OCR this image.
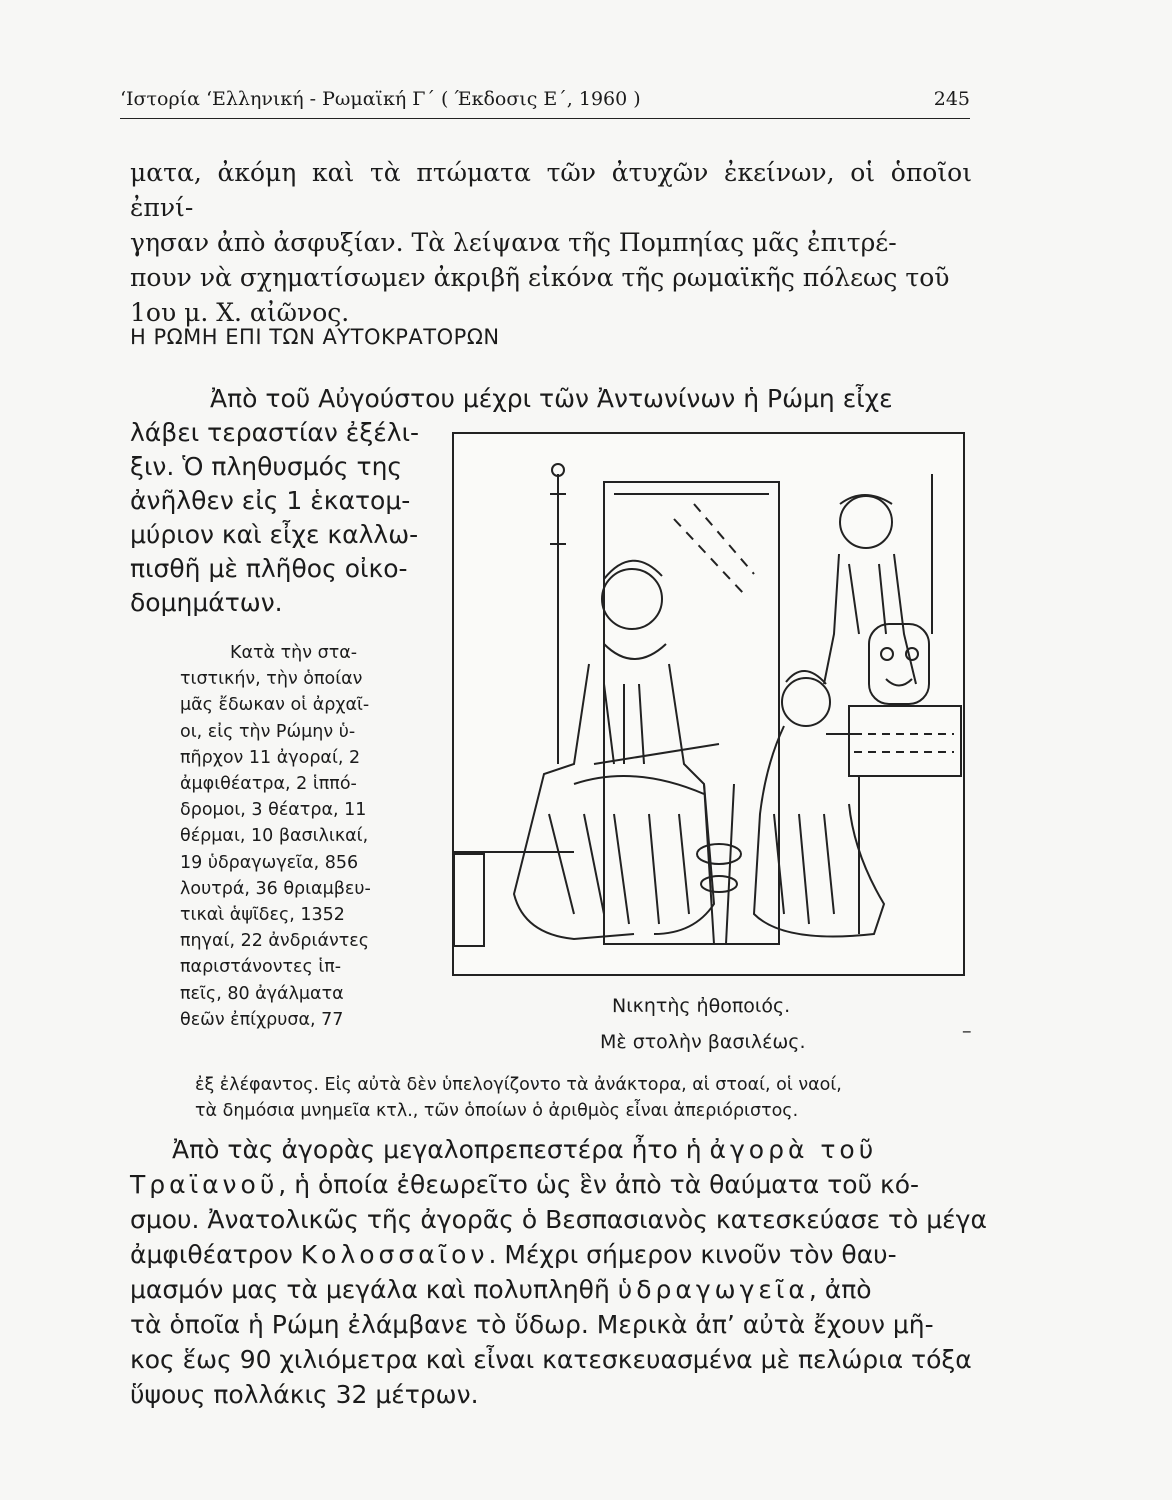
‘Ιστορία ‘Ελληνική - Ρωμαϊκή Γ΄ ( Έκδοσις Ε΄, 1960 )	245
ματα, ἀκόμη καὶ τὰ πτώματα τῶν ἀτυχῶν ἐκείνων, οἱ ὁποῖοι ἐπνί-
γησαν ἀπὸ ἀσφυξίαν. Τὰ λείψανα τῆς Πομπηίας μᾶς ἐπιτρέ-
πουν νὰ σχηματίσωμεν ἀκριβῆ εἰκόνα τῆς ρωμαϊκῆς πόλεως τοῦ
1ου μ. Χ. αἰῶνος.
Η ΡΩΜΗ ΕΠΙ ΤΩΝ ΑΥΤΟΚΡΑΤΟΡΩΝ
Ἀπὸ τοῦ Αὐγούστου μέχρι τῶν Ἀντωνίνων ἡ Ρώμη εἶχε
λάβει τεραστίαν ἐξέλι-
ξιν. Ὁ πληθυσμός της
ἀνῆλθεν εἰς 1 ἑκατομ-
μύριον καὶ εἶχε καλλω-
πισθῆ μὲ πλῆθος οἰκο-
δομημάτων.
Κατὰ τὴν στα-
τιστικήν, τὴν ὁποίαν
μᾶς ἔδωκαν οἱ ἀρχαῖ-
οι, εἰς τὴν Ρώμην ὑ-
πῆρχον 11 ἀγοραί, 2
ἀμφιθέατρα, 2 ἱππό-
δρομοι, 3 θέατρα, 11
θέρμαι, 10 βασιλικαί,
19 ὑδραγωγεῖα, 856
λουτρά, 36 θριαμβευ-
τικαὶ ἁψῖδες, 1352
πηγαί, 22 ἀνδριάντες
παριστάνοντες ἱπ-
πεῖς, 80 ἀγάλματα
θεῶν ἐπίχρυσα, 77
ἐξ ἐλέφαντος. Εἰς αὐτὰ δὲν ὑπελογίζοντο τὰ ἀνάκτορα, αἱ στοαί, οἱ ναοί,
τὰ δημόσια μνημεῖα κτλ., τῶν ὁποίων ὁ ἀριθμὸς εἶναι ἀπεριόριστος.
Νικητὴς ἠθοποιός.
Μὲ στολὴν βασιλέως.	–
Ἀπὸ τὰς ἀγορὰς μεγαλοπρεπεστέρα ἦτο ἡ ἀγορὰ τοῦ
Τραϊανοῦ, ἡ ὁποία ἐθεωρεῖτο ὡς ἓν ἀπὸ τὰ θαύματα τοῦ κό-
σμου. Ἀνατολικῶς τῆς ἀγορᾶς ὁ Βεσπασιανὸς κατεσκεύασε τὸ μέγα
ἀμφιθέατρον Κολοσσαῖον. Μέχρι σήμερον κινοῦν τὸν θαυ-
μασμόν μας τὰ μεγάλα καὶ πολυπληθῆ ὑδραγωγεῖα, ἀπὸ
τὰ ὁποῖα ἡ Ρώμη ἐλάμβανε τὸ ὕδωρ. Μερικὰ ἀπ’ αὐτὰ ἔχουν μῆ-
κος ἕως 90 χιλιόμετρα καὶ εἶναι κατεσκευασμένα μὲ πελώρια τόξα
ὕψους πολλάκις 32 μέτρων.
